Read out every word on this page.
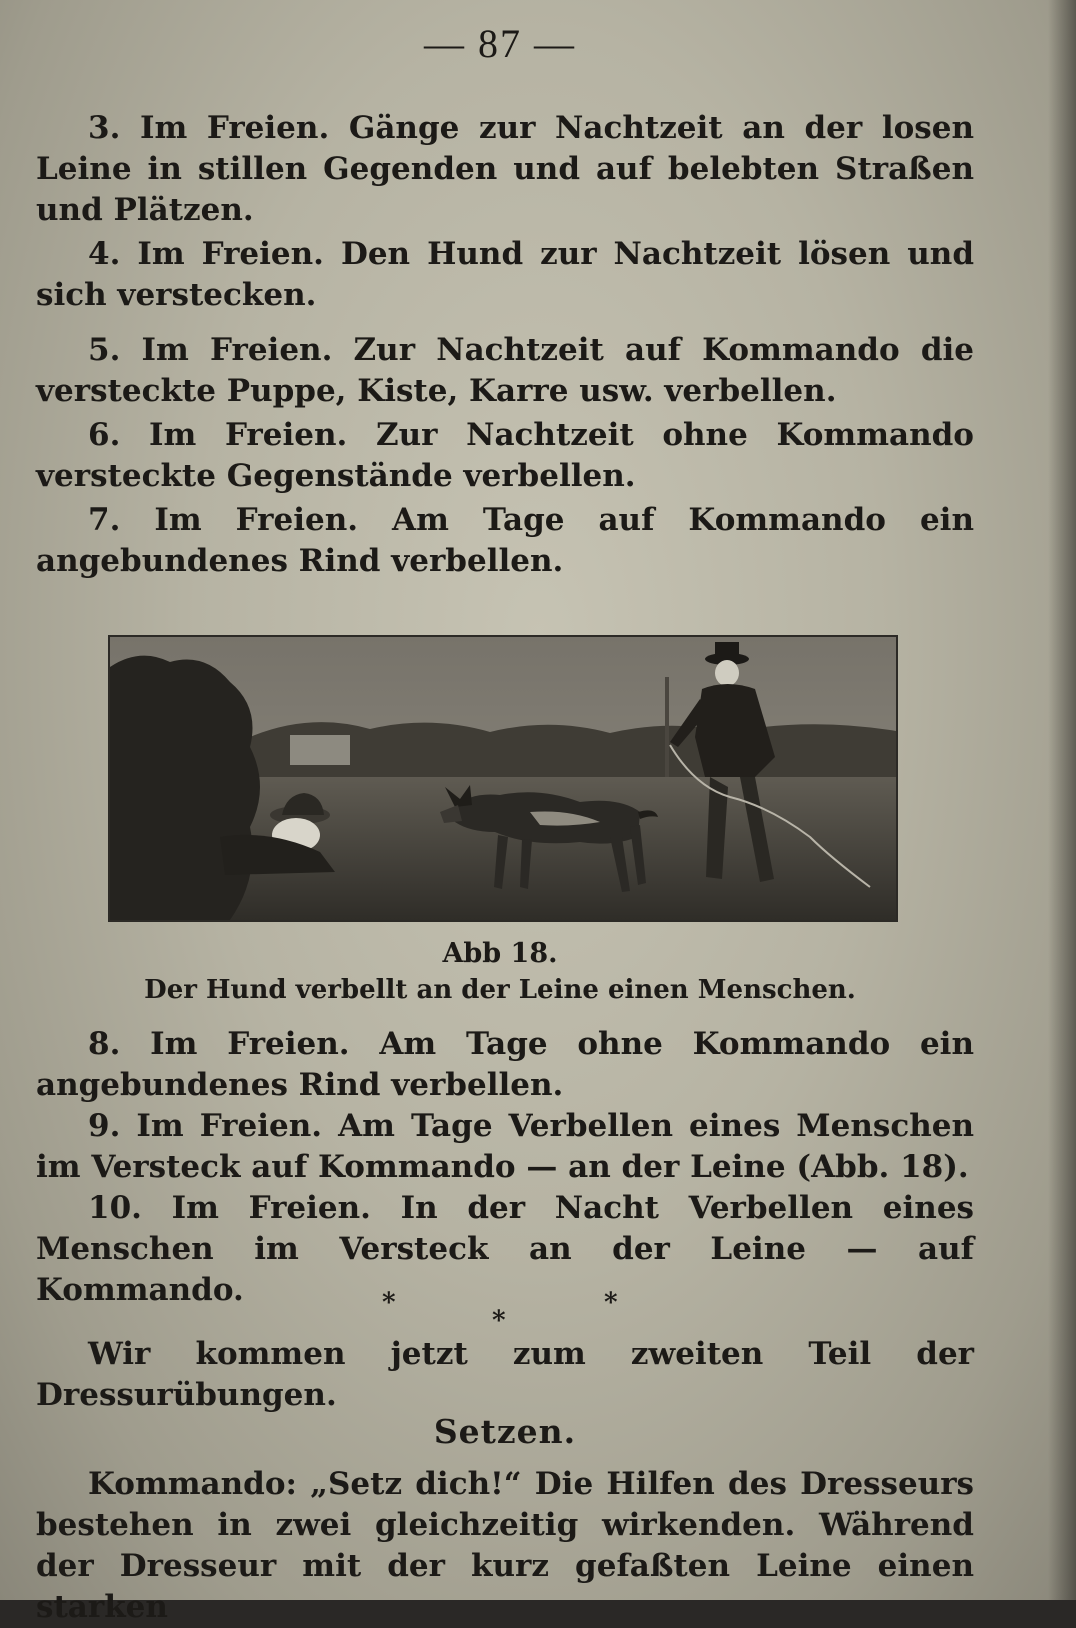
— 87 —

3. Im Freien. Gänge zur Nachtzeit an der losen Leine in stillen Gegenden und auf belebten Straßen und Plätzen.

4. Im Freien. Den Hund zur Nachtzeit lösen und sich verstecken.

5. Im Freien. Zur Nachtzeit auf Kommando die versteckte Puppe, Kiste, Karre usw. verbellen.

6. Im Freien. Zur Nachtzeit ohne Kommando versteckte Gegenstände verbellen.

7. Im Freien. Am Tage auf Kommando ein angebundenes Rind verbellen.

Abb 18.
Der Hund verbellt an der Leine einen Menschen.

8. Im Freien. Am Tage ohne Kommando ein angebundenes Rind verbellen.

9. Im Freien. Am Tage Verbellen eines Menschen im Versteck auf Kommando — an der Leine (Abb. 18).

10. Im Freien. In der Nacht Verbellen eines Menschen im Versteck an der Leine — auf Kommando.	*
*
*

Wir kommen jetzt zum zweiten Teil der Dressurübungen.

Setzen.

Kommando: „Setz dich!“ Die Hilfen des Dresseurs bestehen in zwei gleichzeitig wirkenden. Während der Dresseur mit der kurz gefaßten Leine einen starken
